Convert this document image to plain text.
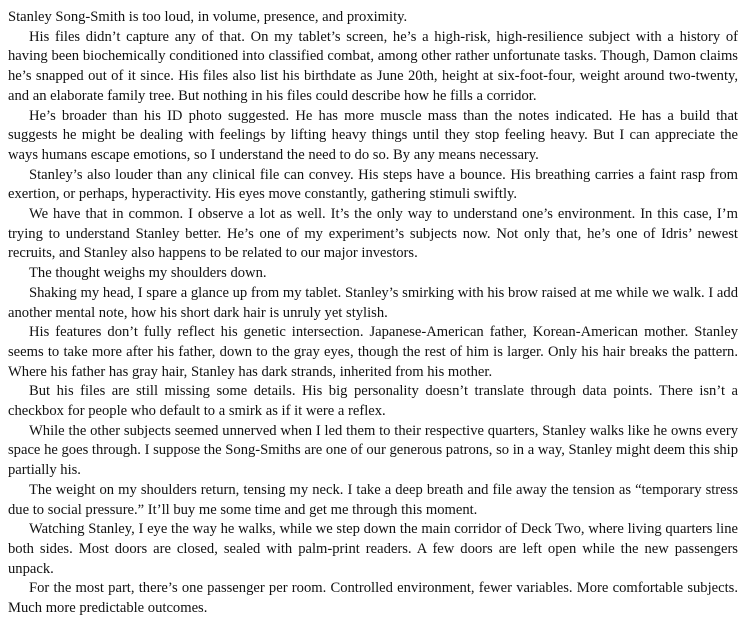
Stanley Song-Smith is too loud, in volume, presence, and proximity.

His files didn’t capture any of that. On my tablet’s screen, he’s a high-risk, high-resilience subject with a history of having been biochemically conditioned into classified combat, among other rather unfortunate tasks. Though, Damon claims he’s snapped out of it since. His files also list his birthdate as June 20th, height at six-foot-four, weight around two-twenty, and an elaborate family tree. But nothing in his files could describe how he fills a corridor.

He’s broader than his ID photo suggested. He has more muscle mass than the notes indicated. He has a build that suggests he might be dealing with feelings by lifting heavy things until they stop feeling heavy. But I can appreciate the ways humans escape emotions, so I understand the need to do so. By any means necessary.

Stanley’s also louder than any clinical file can convey. His steps have a bounce. His breathing carries a faint rasp from exertion, or perhaps, hyperactivity. His eyes move constantly, gathering stimuli swiftly.

We have that in common. I observe a lot as well. It’s the only way to understand one’s environment. In this case, I’m trying to understand Stanley better. He’s one of my experiment’s subjects now. Not only that, he’s one of Idris’ newest recruits, and Stanley also happens to be related to our major investors.

The thought weighs my shoulders down.

Shaking my head, I spare a glance up from my tablet. Stanley’s smirking with his brow raised at me while we walk. I add another mental note, how his short dark hair is unruly yet stylish.

His features don’t fully reflect his genetic intersection. Japanese-American father, Korean-American mother. Stanley seems to take more after his father, down to the gray eyes, though the rest of him is larger. Only his hair breaks the pattern. Where his father has gray hair, Stanley has dark strands, inherited from his mother.

But his files are still missing some details. His big personality doesn’t translate through data points. There isn’t a checkbox for people who default to a smirk as if it were a reflex.

While the other subjects seemed unnerved when I led them to their respective quarters, Stanley walks like he owns every space he goes through. I suppose the Song-Smiths are one of our generous patrons, so in a way, Stanley might deem this ship partially his.

The weight on my shoulders return, tensing my neck. I take a deep breath and file away the tension as “temporary stress due to social pressure.” It’ll buy me some time and get me through this moment.

Watching Stanley, I eye the way he walks, while we step down the main corridor of Deck Two, where living quarters line both sides. Most doors are closed, sealed with palm-print readers. A few doors are left open while the new passengers unpack.

For the most part, there’s one passenger per room. Controlled environment, fewer variables. More comfortable subjects. Much more predictable outcomes.
